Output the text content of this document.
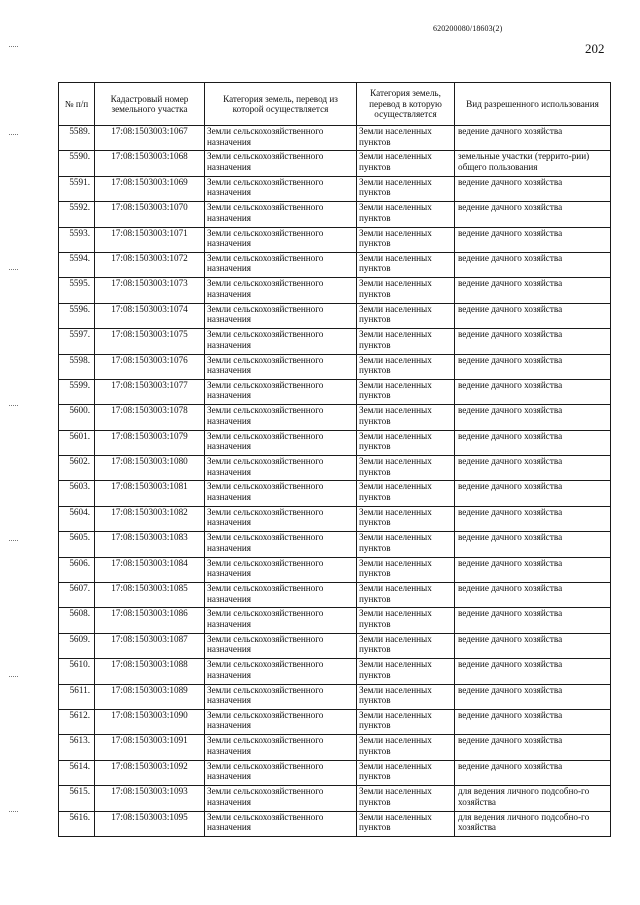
620200080/18603(2)
202
№ п/п	Кадастровый номер земельного участка	Категория земель, перевод из которой осуществляется	Категория земель, перевод в которую осуществляется	Вид разрешенного использования
5589.	17:08:1503003:1067	Земли сельскохозяйственного назначения	Земли населенных пунктов	ведение дачного хозяйства
5590.	17:08:1503003:1068	Земли сельскохозяйственного назначения	Земли населенных пунктов	земельные участки (террито-рии) общего пользования
5591.	17:08:1503003:1069	Земли сельскохозяйственного назначения	Земли населенных пунктов	ведение дачного хозяйства
5592.	17:08:1503003:1070	Земли сельскохозяйственного назначения	Земли населенных пунктов	ведение дачного хозяйства
5593.	17:08:1503003:1071	Земли сельскохозяйственного назначения	Земли населенных пунктов	ведение дачного хозяйства
5594.	17:08:1503003:1072	Земли сельскохозяйственного назначения	Земли населенных пунктов	ведение дачного хозяйства
5595.	17:08:1503003:1073	Земли сельскохозяйственного назначения	Земли населенных пунктов	ведение дачного хозяйства
5596.	17:08:1503003:1074	Земли сельскохозяйственного назначения	Земли населенных пунктов	ведение дачного хозяйства
5597.	17:08:1503003:1075	Земли сельскохозяйственного назначения	Земли населенных пунктов	ведение дачного хозяйства
5598.	17:08:1503003:1076	Земли сельскохозяйственного назначения	Земли населенных пунктов	ведение дачного хозяйства
5599.	17:08:1503003:1077	Земли сельскохозяйственного назначения	Земли населенных пунктов	ведение дачного хозяйства
5600.	17:08:1503003:1078	Земли сельскохозяйственного назначения	Земли населенных пунктов	ведение дачного хозяйства
5601.	17:08:1503003:1079	Земли сельскохозяйственного назначения	Земли населенных пунктов	ведение дачного хозяйства
5602.	17:08:1503003:1080	Земли сельскохозяйственного назначения	Земли населенных пунктов	ведение дачного хозяйства
5603.	17:08:1503003:1081	Земли сельскохозяйственного назначения	Земли населенных пунктов	ведение дачного хозяйства
5604.	17:08:1503003:1082	Земли сельскохозяйственного назначения	Земли населенных пунктов	ведение дачного хозяйства
5605.	17:08:1503003:1083	Земли сельскохозяйственного назначения	Земли населенных пунктов	ведение дачного хозяйства
5606.	17:08:1503003:1084	Земли сельскохозяйственного назначения	Земли населенных пунктов	ведение дачного хозяйства
5607.	17:08:1503003:1085	Земли сельскохозяйственного назначения	Земли населенных пунктов	ведение дачного хозяйства
5608.	17:08:1503003:1086	Земли сельскохозяйственного назначения	Земли населенных пунктов	ведение дачного хозяйства
5609.	17:08:1503003:1087	Земли сельскохозяйственного назначения	Земли населенных пунктов	ведение дачного хозяйства
5610.	17:08:1503003:1088	Земли сельскохозяйственного назначения	Земли населенных пунктов	ведение дачного хозяйства
5611.	17:08:1503003:1089	Земли сельскохозяйственного назначения	Земли населенных пунктов	ведение дачного хозяйства
5612.	17:08:1503003:1090	Земли сельскохозяйственного назначения	Земли населенных пунктов	ведение дачного хозяйства
5613.	17:08:1503003:1091	Земли сельскохозяйственного назначения	Земли населенных пунктов	ведение дачного хозяйства
5614.	17:08:1503003:1092	Земли сельскохозяйственного назначения	Земли населенных пунктов	ведение дачного хозяйства
5615.	17:08:1503003:1093	Земли сельскохозяйственного назначения	Земли населенных пунктов	для ведения личного подсобно-го хозяйства
5616.	17:08:1503003:1095	Земли сельскохозяйственного назначения	Земли населенных пунктов	для ведения личного подсобно-го хозяйства
